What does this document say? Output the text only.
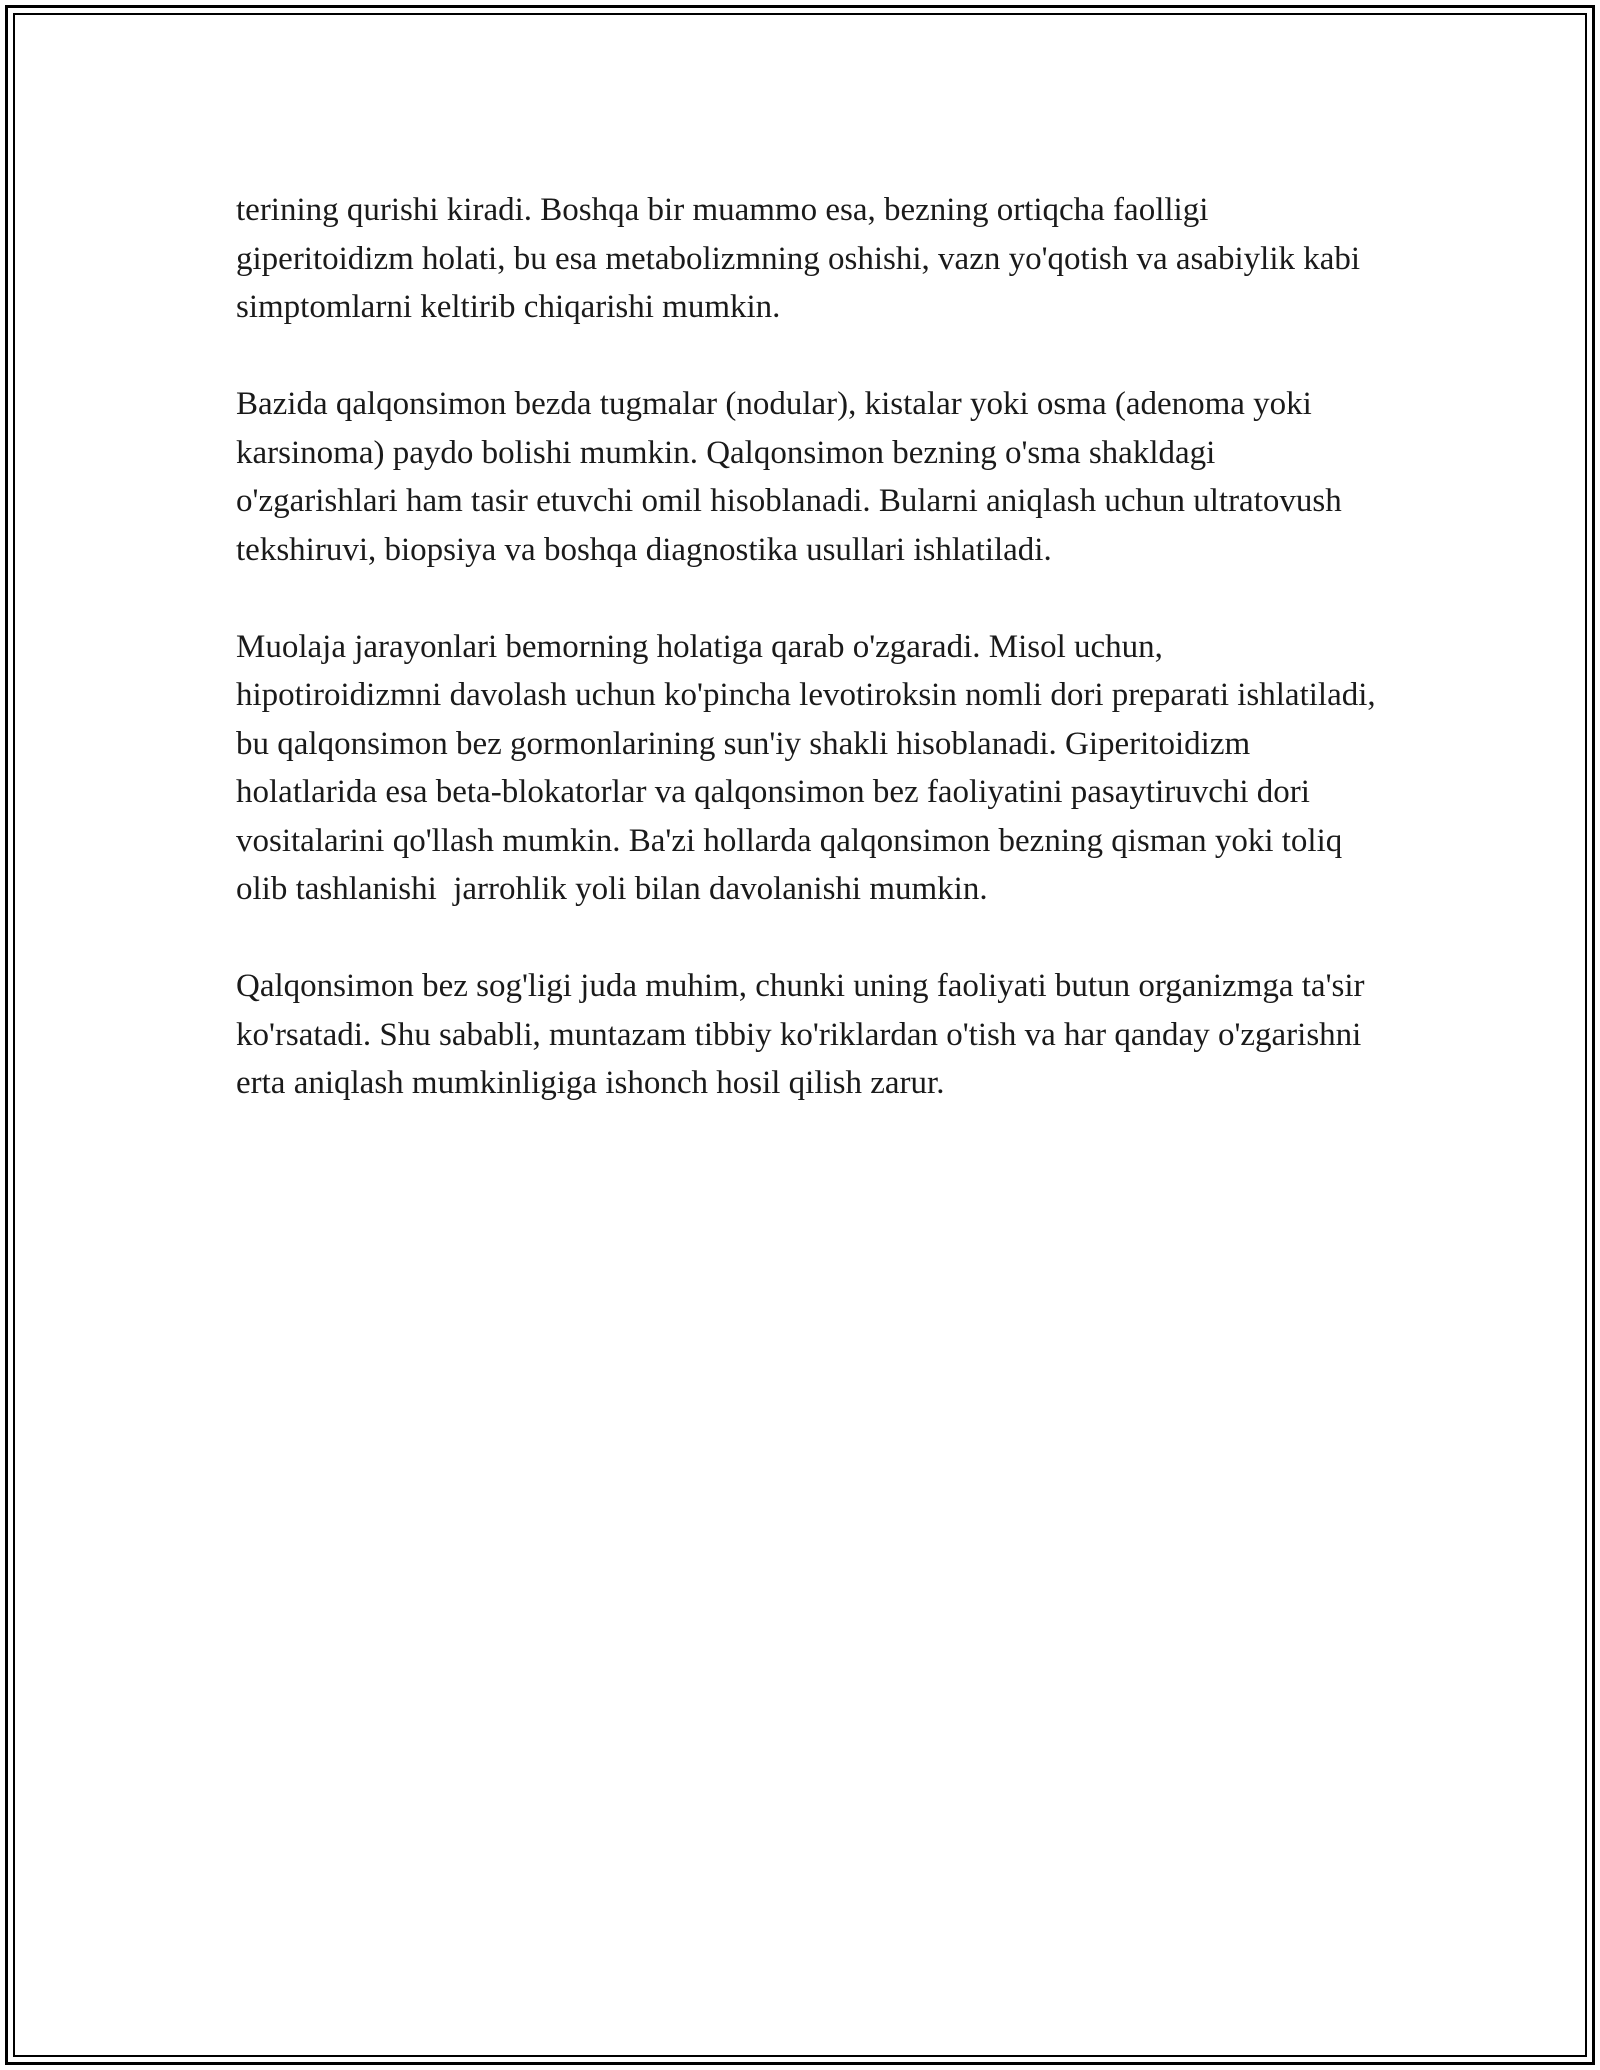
terining qurishi kiradi. Boshqa bir muammo esa, bezning ortiqcha faolligi giperitoidizm holati, bu esa metabolizmning oshishi, vazn yo'qotish va asabiylik kabi simptomlarni keltirib chiqarishi mumkin.

Bazida qalqonsimon bezda tugmalar (nodular), kistalar yoki osma (adenoma yoki karsinoma) paydo bolishi mumkin. Qalqonsimon bezning o'sma shakldagi o'zgarishlari ham tasir etuvchi omil hisoblanadi. Bularni aniqlash uchun ultratovush tekshiruvi, biopsiya va boshqa diagnostika usullari ishlatiladi.

Muolaja jarayonlari bemorning holatiga qarab o'zgaradi. Misol uchun, hipotiroidizmni davolash uchun ko'pincha levotiroksin nomli dori preparati ishlatiladi, bu qalqonsimon bez gormonlarining sun'iy shakli hisoblanadi. Giperitoidizm holatlarida esa beta-blokatorlar va qalqonsimon bez faoliyatini pasaytiruvchi dori vositalarini qo'llash mumkin. Ba'zi hollarda qalqonsimon bezning qisman yoki toliq olib tashlanishi  jarrohlik yoli bilan davolanishi mumkin.

Qalqonsimon bez sog'ligi juda muhim, chunki uning faoliyati butun organizmga ta'sir ko'rsatadi. Shu sababli, muntazam tibbiy ko'riklardan o'tish va har qanday o'zgarishni erta aniqlash mumkinligiga ishonch hosil qilish zarur.
